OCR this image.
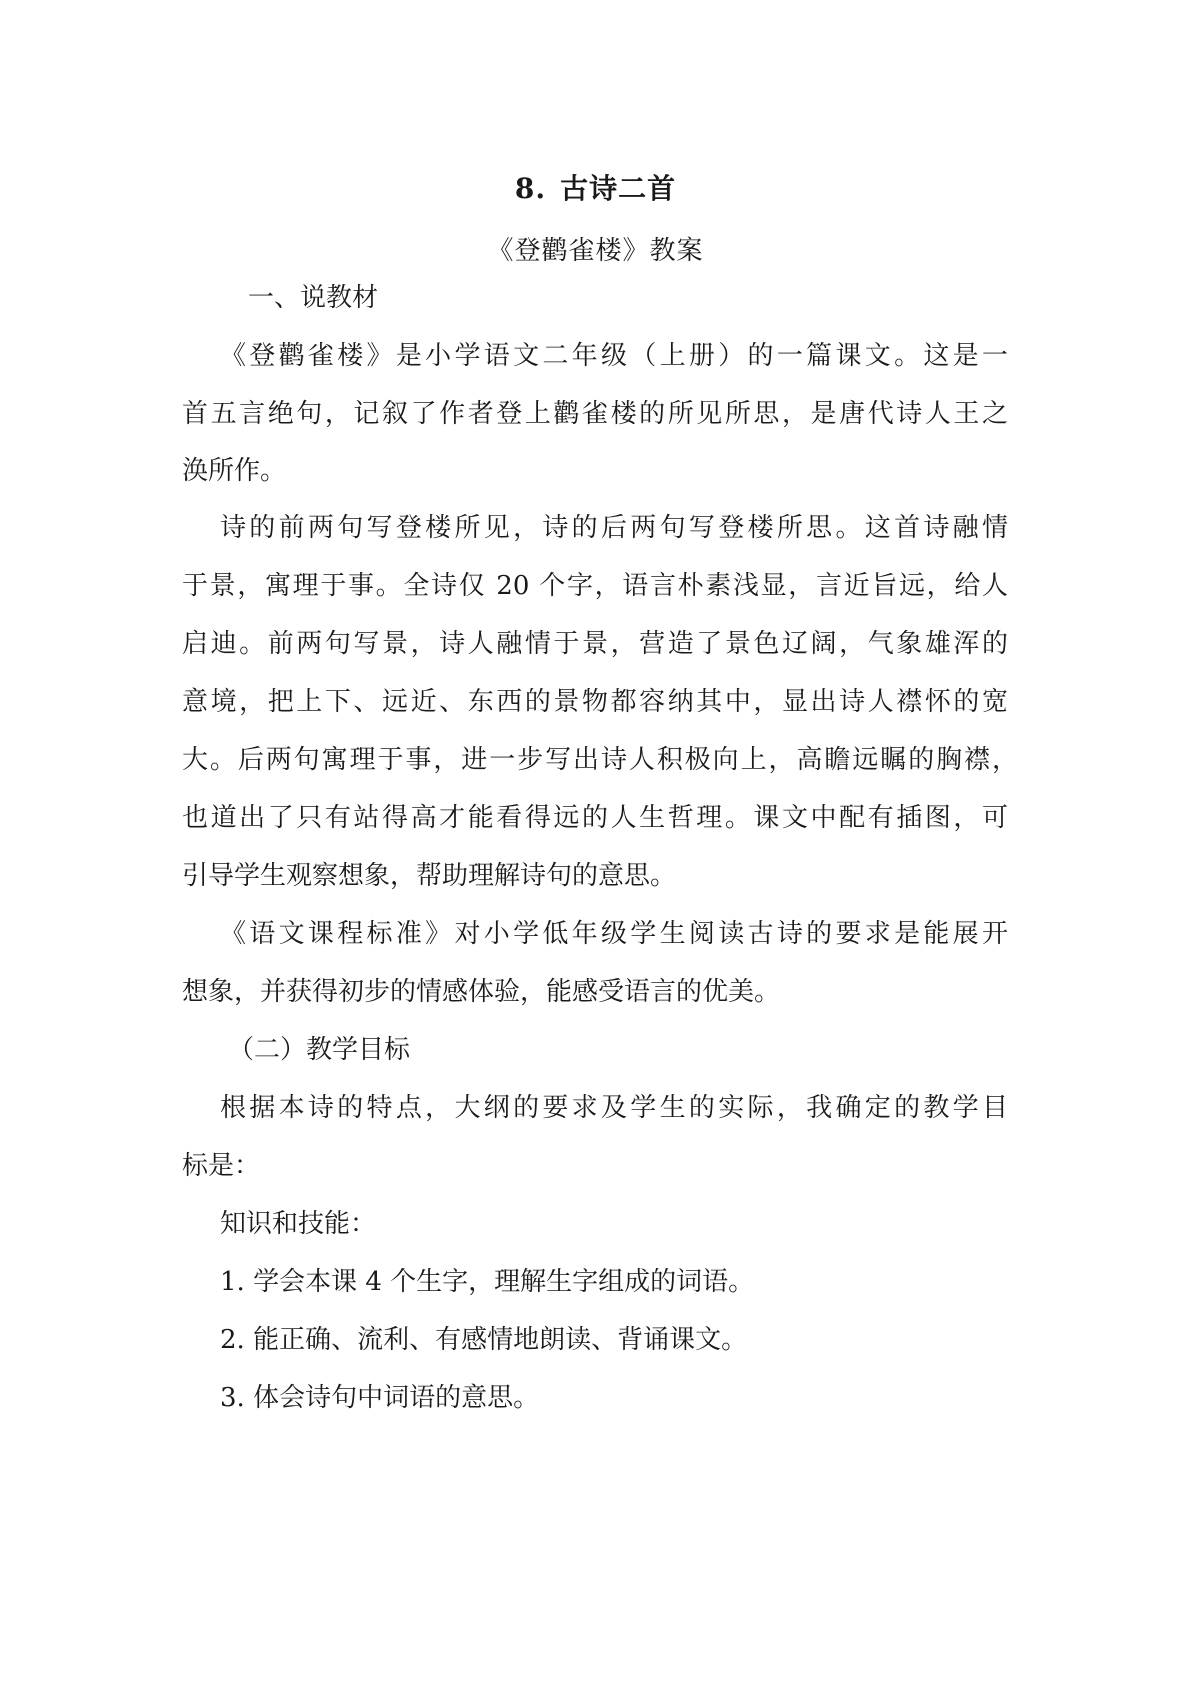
8. 古诗二首
《登鹳雀楼》教案
一、说教材
《登鹳雀楼》是小学语文二年级（上册）的一篇课文。这是一
首五言绝句，记叙了作者登上鹳雀楼的所见所思，是唐代诗人王之
涣所作。
诗的前两句写登楼所见，诗的后两句写登楼所思。这首诗融情
于景，寓理于事。全诗仅 20 个字，语言朴素浅显，言近旨远，给人
启迪。前两句写景，诗人融情于景，营造了景色辽阔，气象雄浑的
意境，把上下、远近、东西的景物都容纳其中，显出诗人襟怀的宽
大。后两句寓理于事，进一步写出诗人积极向上，高瞻远瞩的胸襟，
也道出了只有站得高才能看得远的人生哲理。课文中配有插图，可
引导学生观察想象，帮助理解诗句的意思。
《语文课程标准》对小学低年级学生阅读古诗的要求是能展开
想象，并获得初步的情感体验，能感受语言的优美。
（二）教学目标
根据本诗的特点，大纲的要求及学生的实际，我确定的教学目
标是：
知识和技能：
1. 学会本课 4 个生字，理解生字组成的词语。
2. 能正确、流利、有感情地朗读、背诵课文。
3. 体会诗句中词语的意思。
